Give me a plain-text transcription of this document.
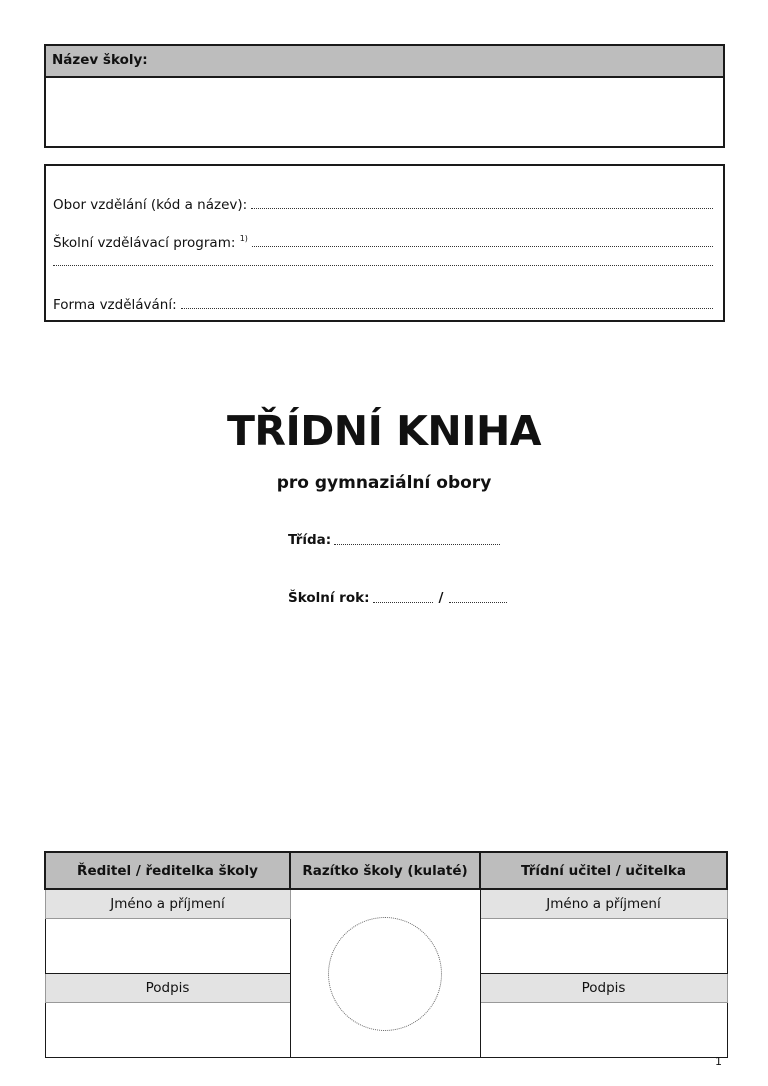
Název školy:
Obor vzdělání (kód a název):
Školní vzdělávací program: $^{1)}$
Forma vzdělávání:
TŘÍDNÍ KNIHA

pro gymnaziální obory

Třída:
Školní rok:	/
Ředitel / ředitelka školy	Razítko školy (kulaté)	Třídní učitel / učitelka
Jméno a příjmení		Jméno a příjmení

Podpis		Podpis

1
